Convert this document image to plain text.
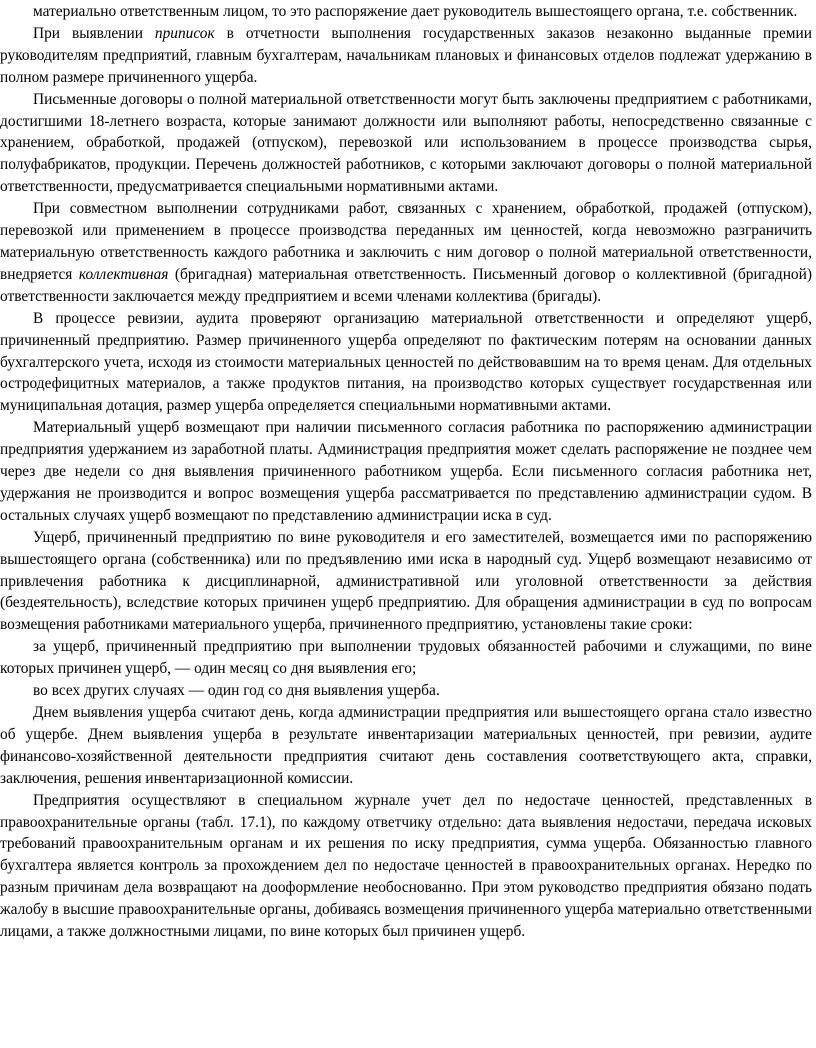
материально ответственным лицом, то это распоряжение дает руководитель вышестоящего органа, т.е. собственник.

При выявлении приписок в отчетности выполнения государственных заказов незаконно выданные премии руководителям предприятий, главным бухгалтерам, начальникам плановых и финансовых отделов подлежат удержанию в полном размере причиненного ущерба.

Письменные договоры о полной материальной ответственности могут быть заключены предприятием с работниками, достигшими 18-летнего возраста, которые занимают должности или выполняют работы, непосредственно связанные с хранением, обработкой, продажей (отпуском), перевозкой или использованием в процессе производства сырья, полуфабрикатов, продукции. Перечень должностей работников, с которыми заключают договоры о полной материальной ответственности, предусматривается специальными нормативными актами.

При совместном выполнении сотрудниками работ, связанных с хранением, обработкой, продажей (отпуском), перевозкой или применением в процессе производства переданных им ценностей, когда невозможно разграничить материальную ответственность каждого работника и заключить с ним договор о полной материальной ответственности, внедряется коллективная (бригадная) материальная ответственность. Письменный договор о коллективной (бригадной) ответственности заключается между предприятием и всеми членами коллектива (бригады).

В процессе ревизии, аудита проверяют организацию материальной ответственности и определяют ущерб, причиненный предприятию. Размер причиненного ущерба определяют по фактическим потерям на основании данных бухгалтерского учета, исходя из стоимости материальных ценностей по действовавшим на то время ценам. Для отдельных остродефицитных материалов, а также продуктов питания, на производство которых существует государственная или муниципальная дотация, размер ущерба определяется специальными нормативными актами.

Материальный ущерб возмещают при наличии письменного согласия работника по распоряжению администрации предприятия удержанием из заработной платы. Администрация предприятия может сделать распоряжение не позднее чем через две недели со дня выявления причиненного работником ущерба. Если письменного согласия работника нет, удержания не производится и вопрос возмещения ущерба рассматривается по представлению администрации судом. В остальных случаях ущерб возмещают по представлению администрации иска в суд.

Ущерб, причиненный предприятию по вине руководителя и его заместителей, возмещается ими по распоряжению вышестоящего органа (собственника) или по предъявлению ими иска в народный суд. Ущерб возмещают независимо от привлечения работника к дисциплинарной, административной или уголовной ответственности за действия (бездеятельность), вследствие которых причинен ущерб предприятию. Для обращения администрации в суд по вопросам возмещения работниками материального ущерба, причиненного предприятию, установлены такие сроки:

за ущерб, причиненный предприятию при выполнении трудовых обязанностей рабочими и служащими, по вине которых причинен ущерб, — один месяц со дня выявления его;

во всех других случаях — один год со дня выявления ущерба.

Днем выявления ущерба считают день, когда администрации предприятия или вышестоящего органа стало известно об ущербе. Днем выявления ущерба в результате инвентаризации материальных ценностей, при ревизии, аудите финансово-хозяйственной деятельности предприятия считают день составления соответствующего акта, справки, заключения, решения инвентаризационной комиссии.

Предприятия осуществляют в специальном журнале учет дел по недостаче ценностей, представленных в правоохранительные органы (табл. 17.1), по каждому ответчику отдельно: дата выявления недостачи, передача исковых требований правоохранительным органам и их решения по иску предприятия, сумма ущерба. Обязанностью главного бухгалтера является контроль за прохождением дел по недостаче ценностей в правоохранительных органах. Нередко по разным причинам дела возвращают на дооформление необоснованно. При этом руководство предприятия обязано подать жалобу в высшие правоохранительные органы, добиваясь возмещения причиненного ущерба материально ответственными лицами, а также должностными лицами, по вине которых был причинен ущерб.
